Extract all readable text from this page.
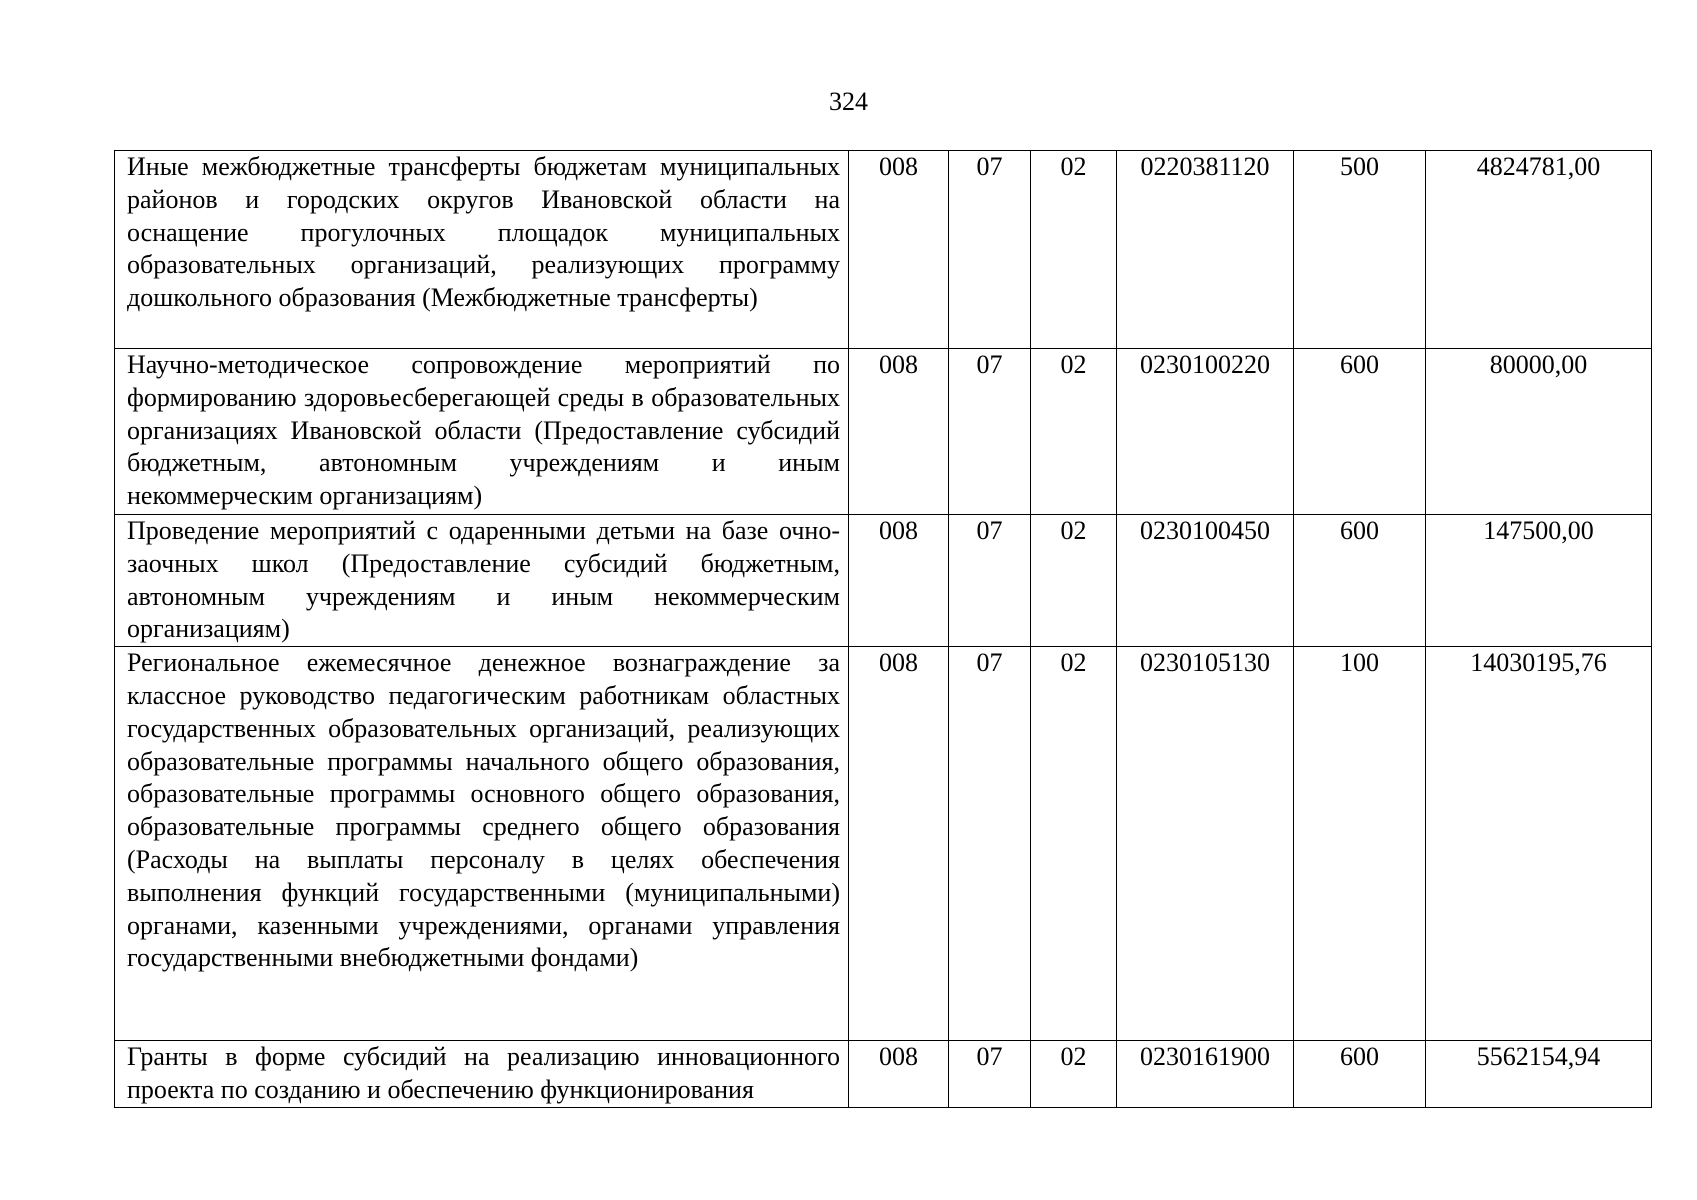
324
Иные межбюджетные трансферты бюджетам муниципальных районов и городских округов Ивановской области на оснащение прогулочных площадок муниципальных образовательных организаций, реализующих программу дошкольного образования (Межбюджетные трансферты)	008	07	02	0220381120	500	4824781,00
Научно-методическое сопровождение мероприятий по формированию здоровьесберегающей среды в образовательных организациях Ивановской области (Предоставление субсидий бюджетным, автономным учреждениям и иным некоммерческим организациям)	008	07	02	0230100220	600	80000,00
Проведение мероприятий с одаренными детьми на базе очно-заочных школ (Предоставление субсидий бюджетным, автономным учреждениям и иным некоммерческим организациям)	008	07	02	0230100450	600	147500,00
Региональное ежемесячное денежное вознаграждение за классное руководство педагогическим работникам областных государственных образовательных организаций, реализующих образовательные программы начального общего образования, образовательные программы основного общего образования, образовательные программы среднего общего образования (Расходы на выплаты персоналу в целях обеспечения выполнения функций государственными (муниципальными) органами, казенными учреждениями, органами управления государственными внебюджетными фондами)	008	07	02	0230105130	100	14030195,76
Гранты в форме субсидий на реализацию инновационного проекта по созданию и обеспечению функционирования	008	07	02	0230161900	600	5562154,94
